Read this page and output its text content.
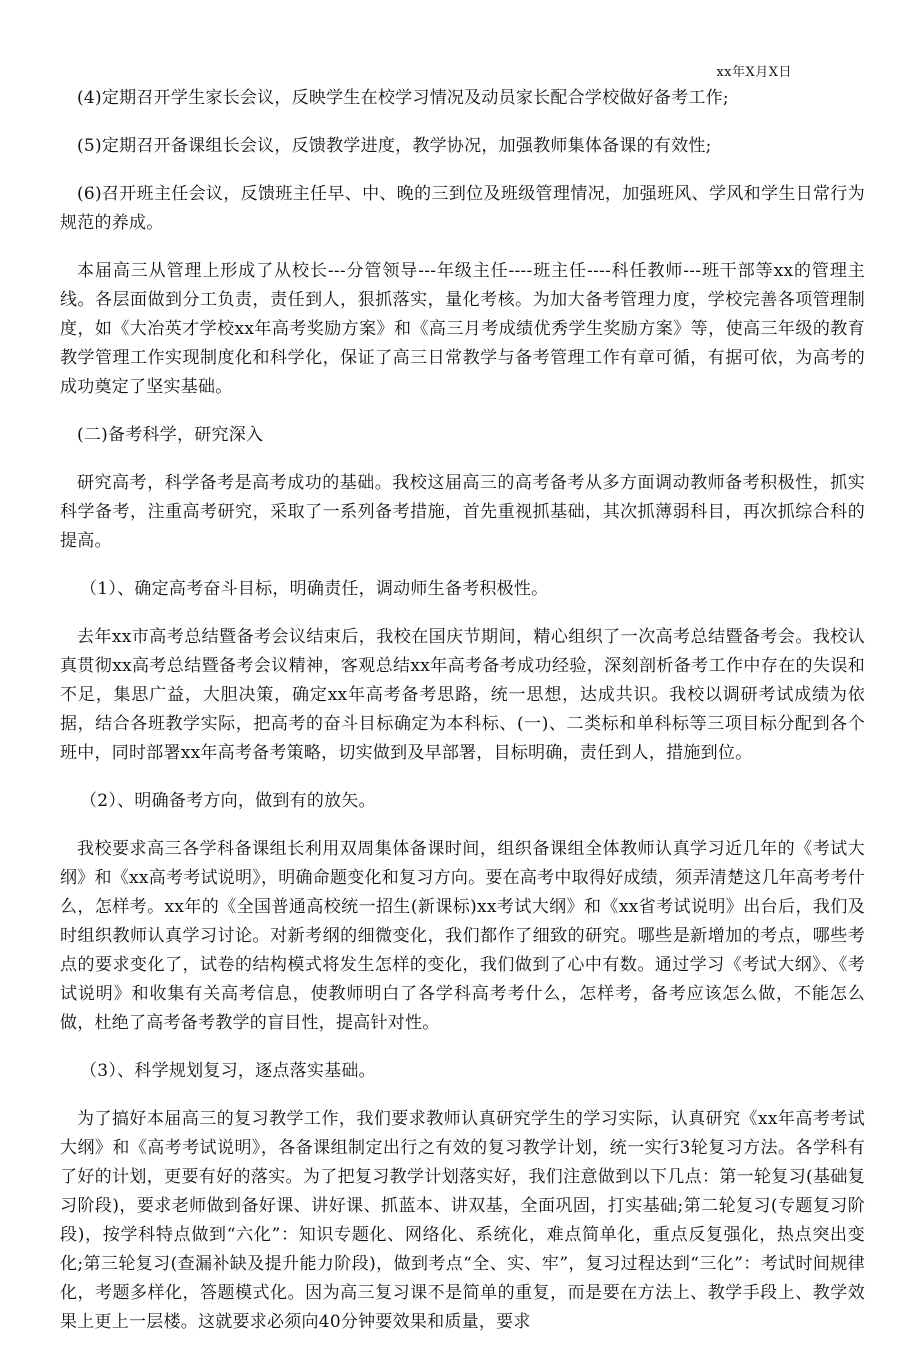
xx年X月X日

(4)定期召开学生家长会议，反映学生在校学习情况及动员家长配合学校做好备考工作;

(5)定期召开备课组长会议，反馈教学进度，教学协况，加强教师集体备课的有效性;

(6)召开班主任会议，反馈班主任早、中、晚的三到位及班级管理情况，加强班风、学风和学生日常行为规范的养成。

本届高三从管理上形成了从校长---分管领导---年级主任----班主任----科任教师---班干部等xx的管理主线。各层面做到分工负责，责任到人，狠抓落实，量化考核。为加大备考管理力度，学校完善各项管理制度，如《大冶英才学校xx年高考奖励方案》和《高三月考成绩优秀学生奖励方案》等，使高三年级的教育教学管理工作实现制度化和科学化，保证了高三日常教学与备考管理工作有章可循，有据可依，为高考的成功奠定了坚实基础。

(二)备考科学，研究深入

研究高考，科学备考是高考成功的基础。我校这届高三的高考备考从多方面调动教师备考积极性，抓实科学备考，注重高考研究，采取了一系列备考措施，首先重视抓基础，其次抓薄弱科目，再次抓综合科的提高。

（1）、确定高考奋斗目标，明确责任，调动师生备考积极性。

去年xx市高考总结暨备考会议结束后，我校在国庆节期间，精心组织了一次高考总结暨备考会。我校认真贯彻xx高考总结暨备考会议精神，客观总结xx年高考备考成功经验，深刻剖析备考工作中存在的失误和不足，集思广益，大胆决策，确定xx年高考备考思路，统一思想，达成共识。我校以调研考试成绩为依据，结合各班教学实际，把高考的奋斗目标确定为本科标、(一)、二类标和单科标等三项目标分配到各个班中，同时部署xx年高考备考策略，切实做到及早部署，目标明确，责任到人，措施到位。

（2）、明确备考方向，做到有的放矢。

我校要求高三各学科备课组长利用双周集体备课时间，组织备课组全体教师认真学习近几年的《考试大纲》和《xx高考考试说明》，明确命题变化和复习方向。要在高考中取得好成绩，须弄清楚这几年高考考什么，怎样考。xx年的《全国普通高校统一招生(新课标)xx考试大纲》和《xx省考试说明》出台后，我们及时组织教师认真学习讨论。对新考纲的细微变化，我们都作了细致的研究。哪些是新增加的考点，哪些考点的要求变化了，试卷的结构模式将发生怎样的变化，我们做到了心中有数。通过学习《考试大纲》、《考试说明》和收集有关高考信息，使教师明白了各学科高考考什么，怎样考，备考应该怎么做，不能怎么做，杜绝了高考备考教学的盲目性，提高针对性。

（3）、科学规划复习，逐点落实基础。

为了搞好本届高三的复习教学工作，我们要求教师认真研究学生的学习实际，认真研究《xx年高考考试大纲》和《高考考试说明》，各备课组制定出行之有效的复习教学计划，统一实行3轮复习方法。各学科有了好的计划，更要有好的落实。为了把复习教学计划落实好，我们注意做到以下几点：第一轮复习(基础复习阶段)，要求老师做到备好课、讲好课、抓蓝本、讲双基，全面巩固，打实基础;第二轮复习(专题复习阶段)，按学科特点做到“六化”：知识专题化、网络化、系统化，难点简单化，重点反复强化，热点突出变化;第三轮复习(查漏补缺及提升能力阶段)，做到考点“全、实、牢”，复习过程达到“三化”：考试时间规律化，考题多样化，答题模式化。因为高三复习课不是简单的重复，而是要在方法上、教学手段上、教学效果上更上一层楼。这就要求必须向40分钟要效果和质量，要求
